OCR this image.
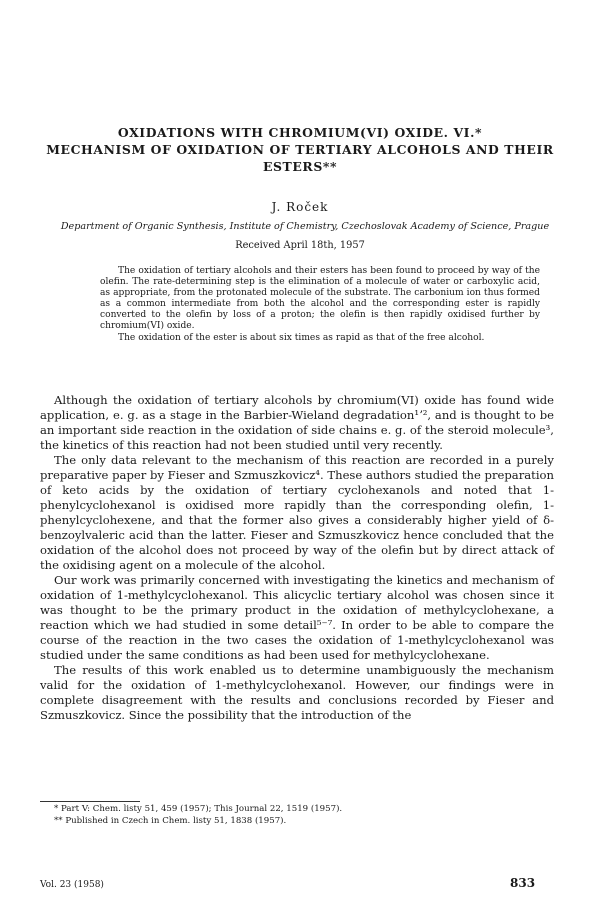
OXIDATIONS WITH CHROMIUM(VI) OXIDE. VI.*
MECHANISM OF OXIDATION OF TERTIARY ALCOHOLS AND THEIR
ESTERS**
J. Roček
Department of Organic Synthesis, Institute of Chemistry, Czechoslovak Academy of Science, Prague
Received April 18th, 1957

The oxidation of tertiary alcohols and their esters has been found to proceed by way of the olefin. The rate-determining step is the elimination of a molecule of water or carboxylic acid, as appropriate, from the protonated molecule of the substrate. The carbonium ion thus formed as a common intermediate from both the alcohol and the corresponding ester is rapidly converted to the olefin by loss of a proton; the olefin is then rapidly oxidised further by chromium(VI) oxide.

The oxidation of the ester is about six times as rapid as that of the free alcohol.

Although the oxidation of tertiary alcohols by chromium(VI) oxide has found wide application, e. g. as a stage in the Barbier-Wieland degradation¹ʼ², and is thought to be an important side reaction in the oxidation of side chains e. g. of the steroid molecule³, the kinetics of this reaction had not been studied until very recently.

The only data relevant to the mechanism of this reaction are recorded in a purely preparative paper by Fieser and Szmuszkovicz⁴. These authors studied the preparation of keto acids by the oxidation of tertiary cyclohexanols and noted that 1-phenylcyclohexanol is oxidised more rapidly than the corresponding olefin, 1-phenylcyclohexene, and that the former also gives a considerably higher yield of δ-benzoylvaleric acid than the latter. Fieser and Szmuszkovicz hence concluded that the oxidation of the alcohol does not proceed by way of the olefin but by direct attack of the oxidising agent on a molecule of the alcohol.

Our work was primarily concerned with investigating the kinetics and mechanism of oxidation of 1-methylcyclohexanol. This alicyclic tertiary alcohol was chosen since it was thought to be the primary product in the oxidation of methylcyclohexane, a reaction which we had studied in some detail⁵⁻⁷. In order to be able to compare the course of the reaction in the two cases the oxidation of 1-methylcyclohexanol was studied under the same conditions as had been used for methylcyclohexane.

The results of this work enabled us to determine unambiguously the mechanism valid for the oxidation of 1-methylcyclohexanol. However, our findings were in complete disagreement with the results and conclusions recorded by Fieser and Szmuszkovicz. Since the possibility that the introduction of the

* Part V: Chem. listy 51, 459 (1957); This Journal 22, 1519 (1957).
** Published in Czech in Chem. listy 51, 1838 (1957).
Vol. 23 (1958)	833
